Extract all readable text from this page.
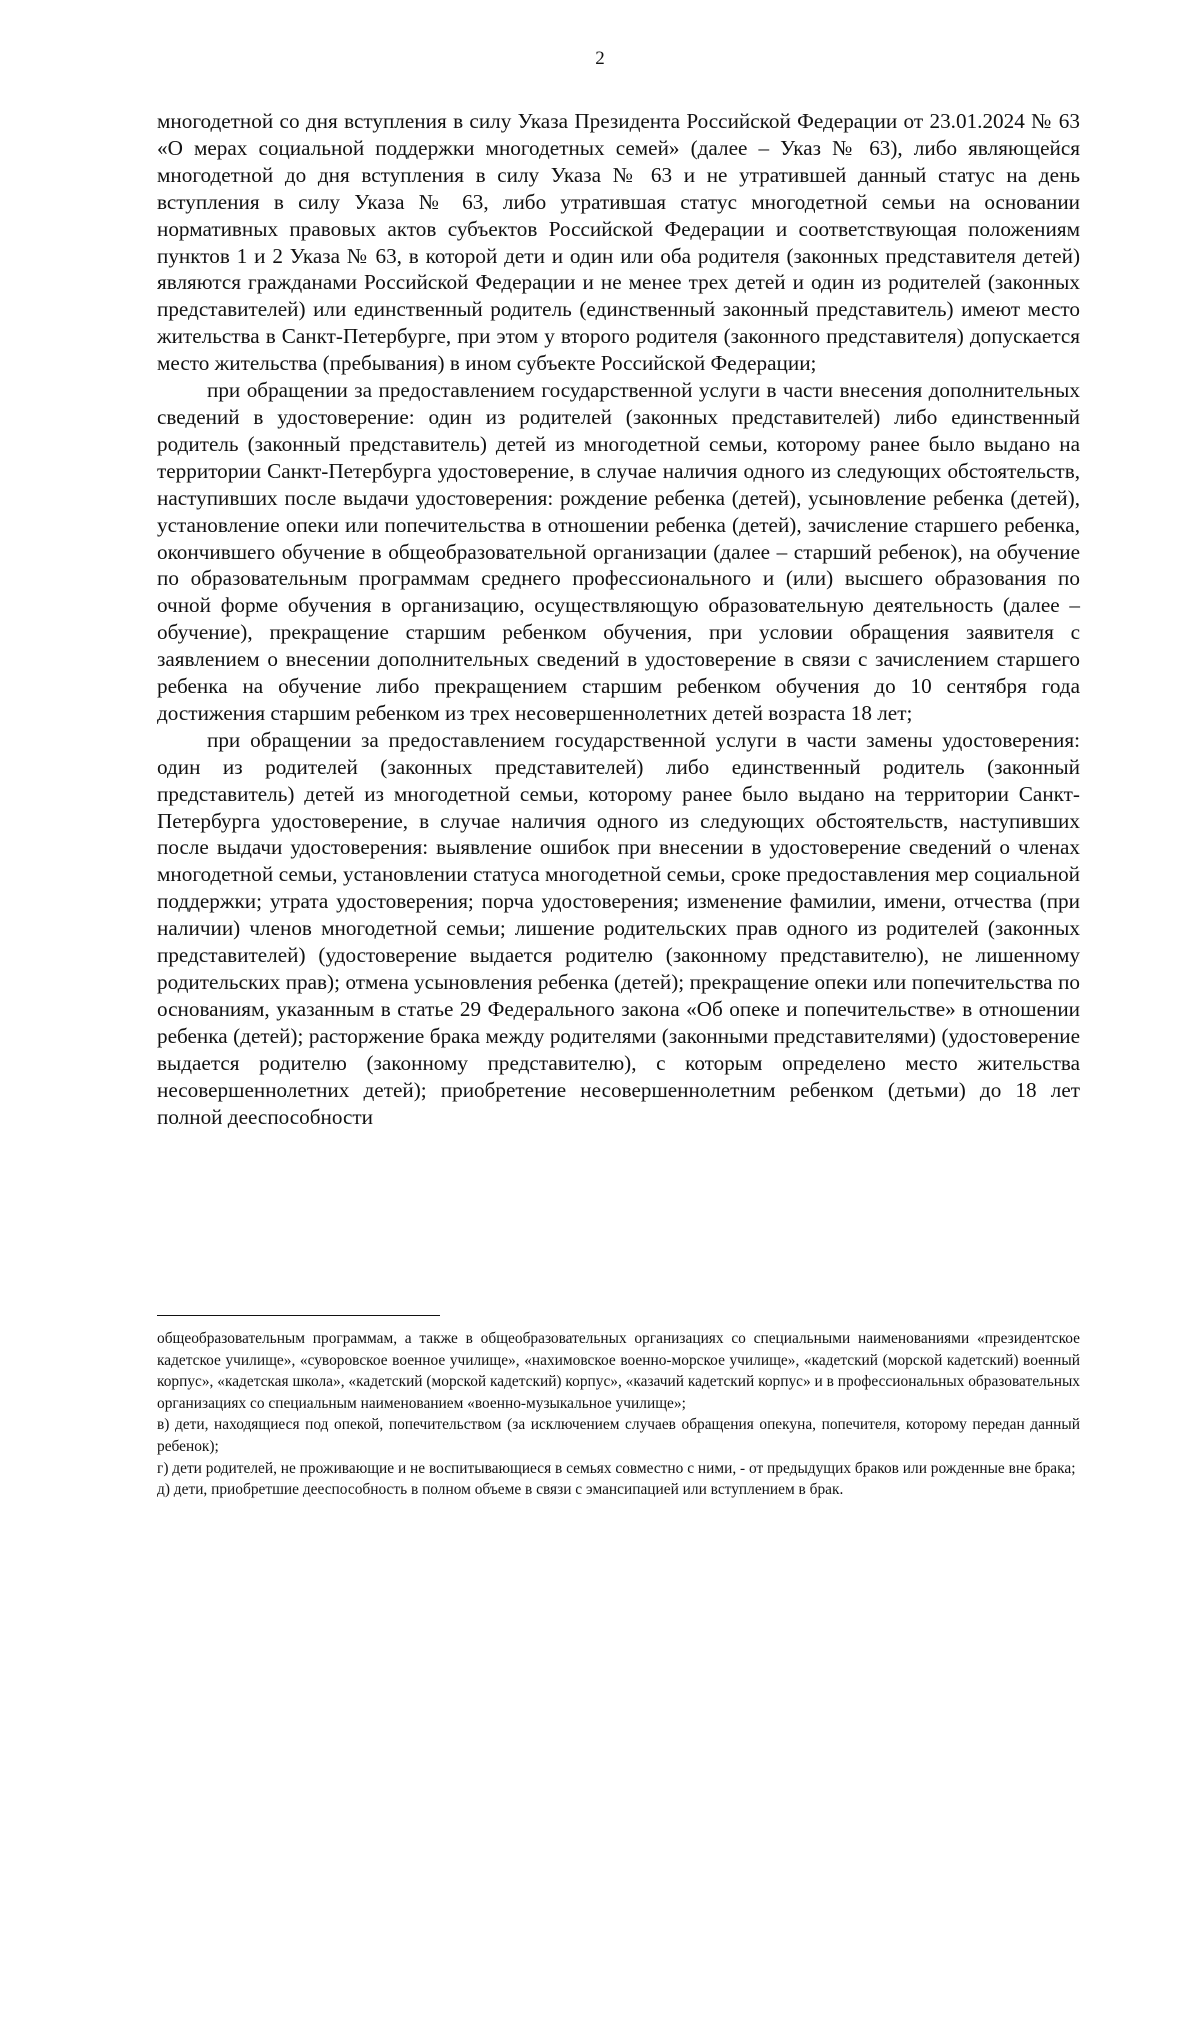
2

многодетной со дня вступления в силу Указа Президента Российской Федерации от 23.01.2024 № 63 «О мерах социальной поддержки многодетных семей» (далее – Указ № 63), либо являющейся многодетной до дня вступления в силу Указа № 63 и не утратившей данный статус на день вступления в силу Указа № 63, либо утратившая статус многодетной семьи на основании нормативных правовых актов субъектов Российской Федерации и соответствующая положениям пунктов 1 и 2 Указа № 63, в которой дети и один или оба родителя (законных представителя детей) являются гражданами Российской Федерации и не менее трех детей и один из родителей (законных представителей) или единственный родитель (единственный законный представитель) имеют место жительства в Санкт-Петербурге, при этом у второго родителя (законного представителя) допускается место жительства (пребывания) в ином субъекте Российской Федерации;

при обращении за предоставлением государственной услуги в части внесения дополнительных сведений в удостоверение: один из родителей (законных представителей) либо единственный родитель (законный представитель) детей из многодетной семьи, которому ранее было выдано на территории Санкт-Петербурга удостоверение, в случае наличия одного из следующих обстоятельств, наступивших после выдачи удостоверения: рождение ребенка (детей), усыновление ребенка (детей), установление опеки или попечительства в отношении ребенка (детей), зачисление старшего ребенка, окончившего обучение в общеобразовательной организации (далее – старший ребенок), на обучение по образовательным программам среднего профессионального и (или) высшего образования по очной форме обучения в организацию, осуществляющую образовательную деятельность (далее – обучение), прекращение старшим ребенком обучения, при условии обращения заявителя с заявлением о внесении дополнительных сведений в удостоверение в связи с зачислением старшего ребенка на обучение либо прекращением старшим ребенком обучения до 10 сентября года достижения старшим ребенком из трех несовершеннолетних детей возраста 18 лет;

при обращении за предоставлением государственной услуги в части замены удостоверения: один из родителей (законных представителей) либо единственный родитель (законный представитель) детей из многодетной семьи, которому ранее было выдано на территории Санкт-Петербурга удостоверение, в случае наличия одного из следующих обстоятельств, наступивших после выдачи удостоверения: выявление ошибок при внесении в удостоверение сведений о членах многодетной семьи, установлении статуса многодетной семьи, сроке предоставления мер социальной поддержки; утрата удостоверения; порча удостоверения; изменение фамилии, имени, отчества (при наличии) членов многодетной семьи; лишение родительских прав одного из родителей (законных представителей) (удостоверение выдается родителю (законному представителю), не лишенному родительских прав); отмена усыновления ребенка (детей); прекращение опеки или попечительства по основаниям, указанным в статье 29 Федерального закона «Об опеке и попечительстве» в отношении ребенка (детей); расторжение брака между родителями (законными представителями) (удостоверение выдается родителю (законному представителю), с которым определено место жительства несовершеннолетних детей); приобретение несовершеннолетним ребенком (детьми) до 18 лет полной дееспособности

общеобразовательным программам, а также в общеобразовательных организациях со специальными наименованиями «президентское кадетское училище», «суворовское военное училище», «нахимовское военно-морское училище», «кадетский (морской кадетский) военный корпус», «кадетская школа», «кадетский (морской кадетский) корпус», «казачий кадетский корпус» и в профессиональных образовательных организациях со специальным наименованием «военно-музыкальное училище»;

в) дети, находящиеся под опекой, попечительством (за исключением случаев обращения опекуна, попечителя, которому передан данный ребенок);

г) дети родителей, не проживающие и не воспитывающиеся в семьях совместно с ними, - от предыдущих браков или рожденные вне брака;

д) дети, приобретшие дееспособность в полном объеме в связи с эмансипацией или вступлением в брак.
